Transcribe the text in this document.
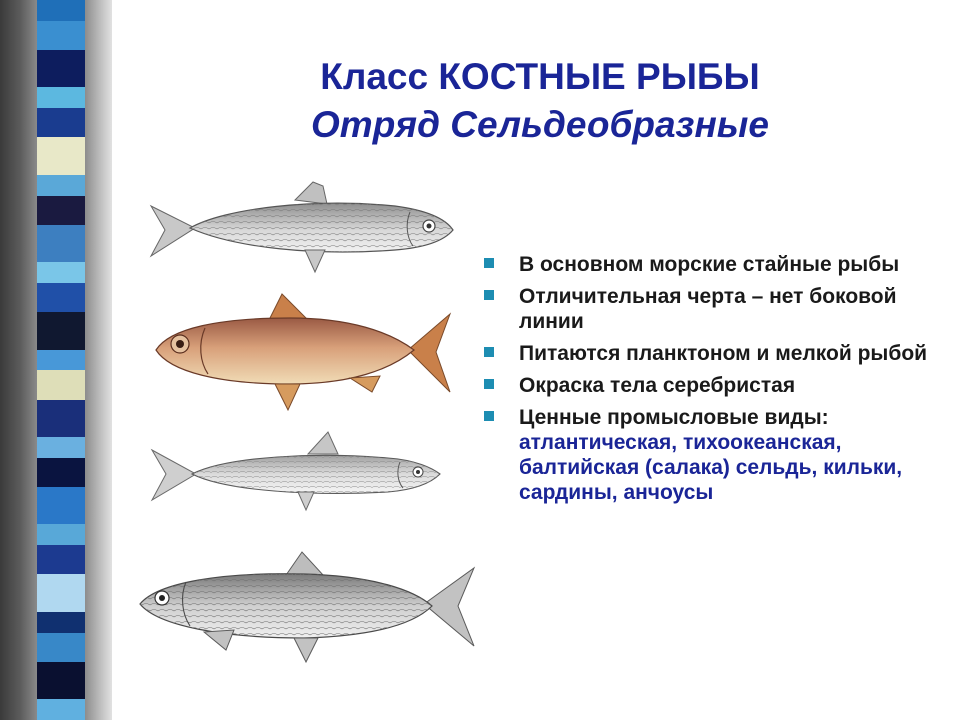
Класс КОСТНЫЕ РЫБЫ
Отряд Сельдеобразные
В основном морские стайные рыбы
Отличительная черта – нет боковой линии
Питаются планктоном и мелкой рыбой
Окраска тела серебристая
Ценные промысловые виды:
атлантическая, тихоокеанская, балтийская (салака) сельдь, кильки, сардины, анчоусы
